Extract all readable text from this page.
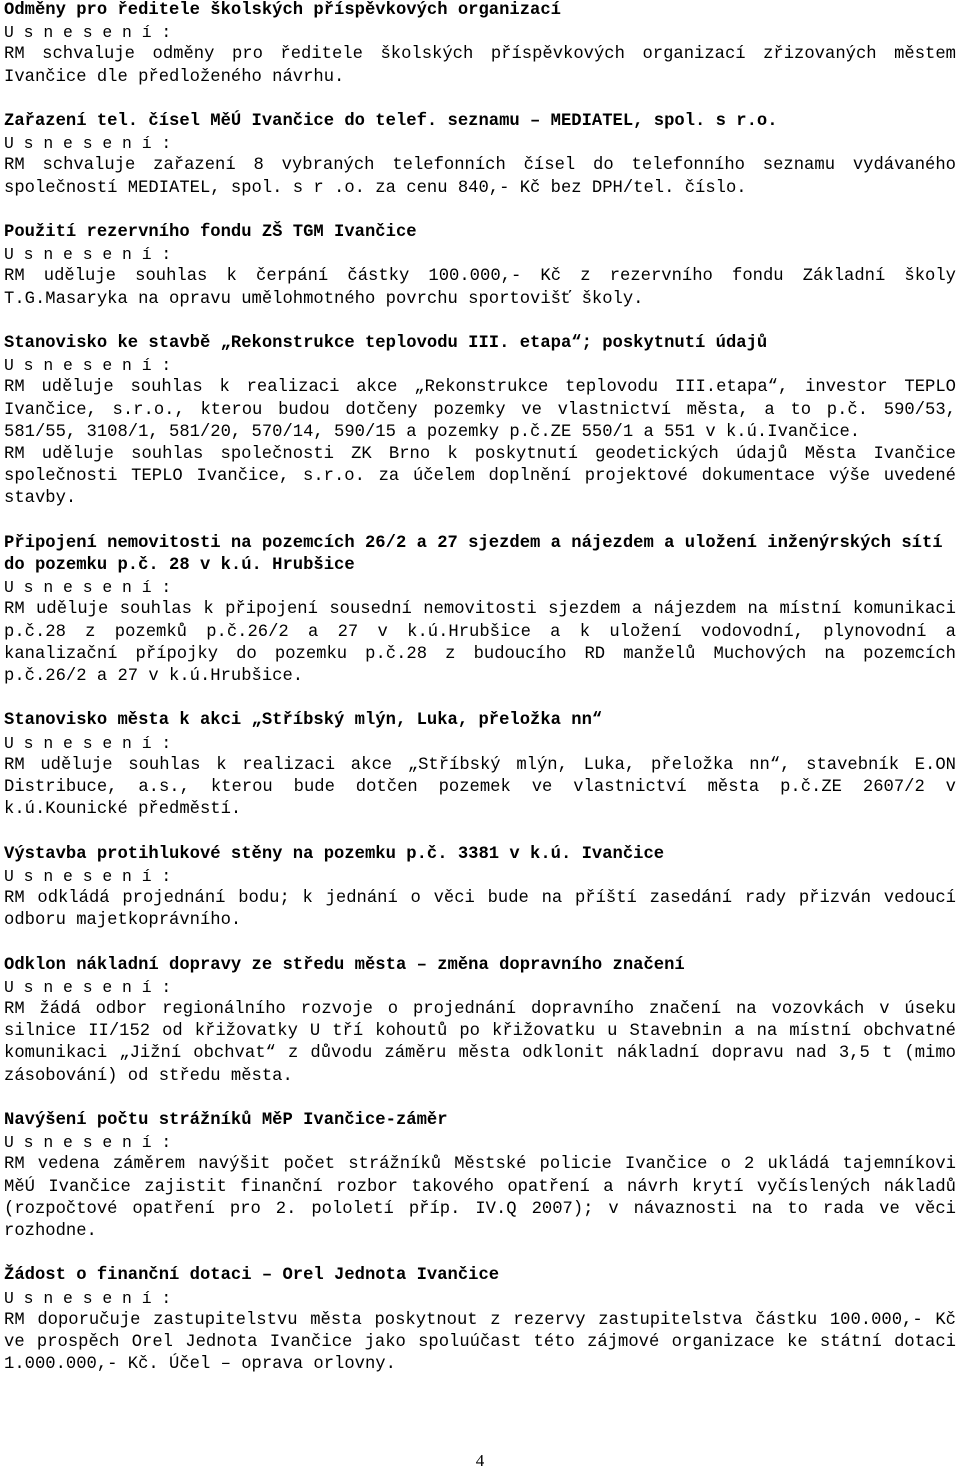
Odměny pro ředitele školských příspěvkových organizací

U s n e s e n í :

RM schvaluje odměny pro ředitele školských příspěvkových organizací zřizovaných městem Ivančice dle předloženého návrhu.

Zařazení tel. čísel MěÚ Ivančice do telef. seznamu – MEDIATEL, spol. s r.o.

U s n e s e n í :

RM schvaluje zařazení 8 vybraných telefonních čísel do telefonního seznamu vydávaného společností MEDIATEL, spol. s r .o. za cenu 840,- Kč bez DPH/tel. číslo.

Použití rezervního fondu ZŠ TGM Ivančice

U s n e s e n í :

RM uděluje souhlas k čerpání částky 100.000,- Kč z rezervního fondu Základní školy T.G.Masaryka na opravu umělohmotného povrchu sportovišť školy.

Stanovisko ke stavbě „Rekonstrukce teplovodu III. etapa“; poskytnutí údajů

U s n e s e n í :

RM uděluje souhlas k realizaci akce „Rekonstrukce teplovodu III.etapa“, investor TEPLO Ivančice, s.r.o., kterou budou dotčeny pozemky ve vlastnictví města, a to p.č. 590/53, 581/55, 3108/1, 581/20, 570/14, 590/15 a pozemky p.č.ZE 550/1 a 551 v k.ú.Ivančice.

RM uděluje souhlas společnosti ZK Brno k poskytnutí geodetických údajů Města Ivančice společnosti TEPLO Ivančice, s.r.o. za účelem doplnění projektové dokumentace výše uvedené stavby.

Připojení nemovitosti na pozemcích 26/2 a 27 sjezdem a nájezdem a uložení inženýrských sítí do pozemku p.č. 28 v k.ú. Hrubšice

U s n e s e n í :

RM uděluje souhlas k připojení sousední nemovitosti sjezdem a nájezdem na místní komunikaci p.č.28 z pozemků p.č.26/2 a 27 v k.ú.Hrubšice a k uložení vodovodní, plynovodní a kanalizační přípojky do pozemku p.č.28 z budoucího RD manželů Muchových na pozemcích p.č.26/2 a 27 v k.ú.Hrubšice.

Stanovisko města k akci „Stříbský mlýn, Luka, přeložka nn“

U s n e s e n í :

RM uděluje souhlas k realizaci akce „Stříbský mlýn, Luka, přeložka nn“, stavebník E.ON Distribuce, a.s., kterou bude dotčen pozemek ve vlastnictví města p.č.ZE 2607/2 v k.ú.Kounické předměstí.

Výstavba protihlukové stěny na pozemku p.č. 3381 v k.ú. Ivančice

U s n e s e n í :

RM odkládá projednání bodu; k jednání o věci bude na příští zasedání rady přizván vedoucí odboru majetkoprávního.

Odklon nákladní dopravy ze středu města – změna dopravního značení

U s n e s e n í :

RM žádá odbor regionálního rozvoje o projednání dopravního značení na vozovkách v úseku silnice II/152 od křižovatky U tří kohoutů po křižovatku u Stavebnin a na místní obchvatné komunikaci „Jižní obchvat“ z důvodu záměru města odklonit nákladní dopravu nad 3,5 t (mimo zásobování) od středu města.

Navýšení počtu strážníků MěP Ivančice-záměr

U s n e s e n í :

RM vedena záměrem navýšit počet strážníků Městské policie Ivančice o 2 ukládá tajemníkovi MěÚ Ivančice zajistit finanční rozbor takového opatření a návrh krytí vyčíslených nákladů (rozpočtové opatření pro 2. pololetí příp. IV.Q 2007); v návaznosti na to rada ve věci rozhodne.

Žádost o finanční dotaci – Orel Jednota Ivančice

U s n e s e n í :

RM doporučuje zastupitelstvu města poskytnout z rezervy zastupitelstva částku 100.000,- Kč ve prospěch Orel Jednota Ivančice jako spoluúčast této zájmové organizace ke státní dotaci 1.000.000,- Kč. Účel – oprava orlovny.

4
